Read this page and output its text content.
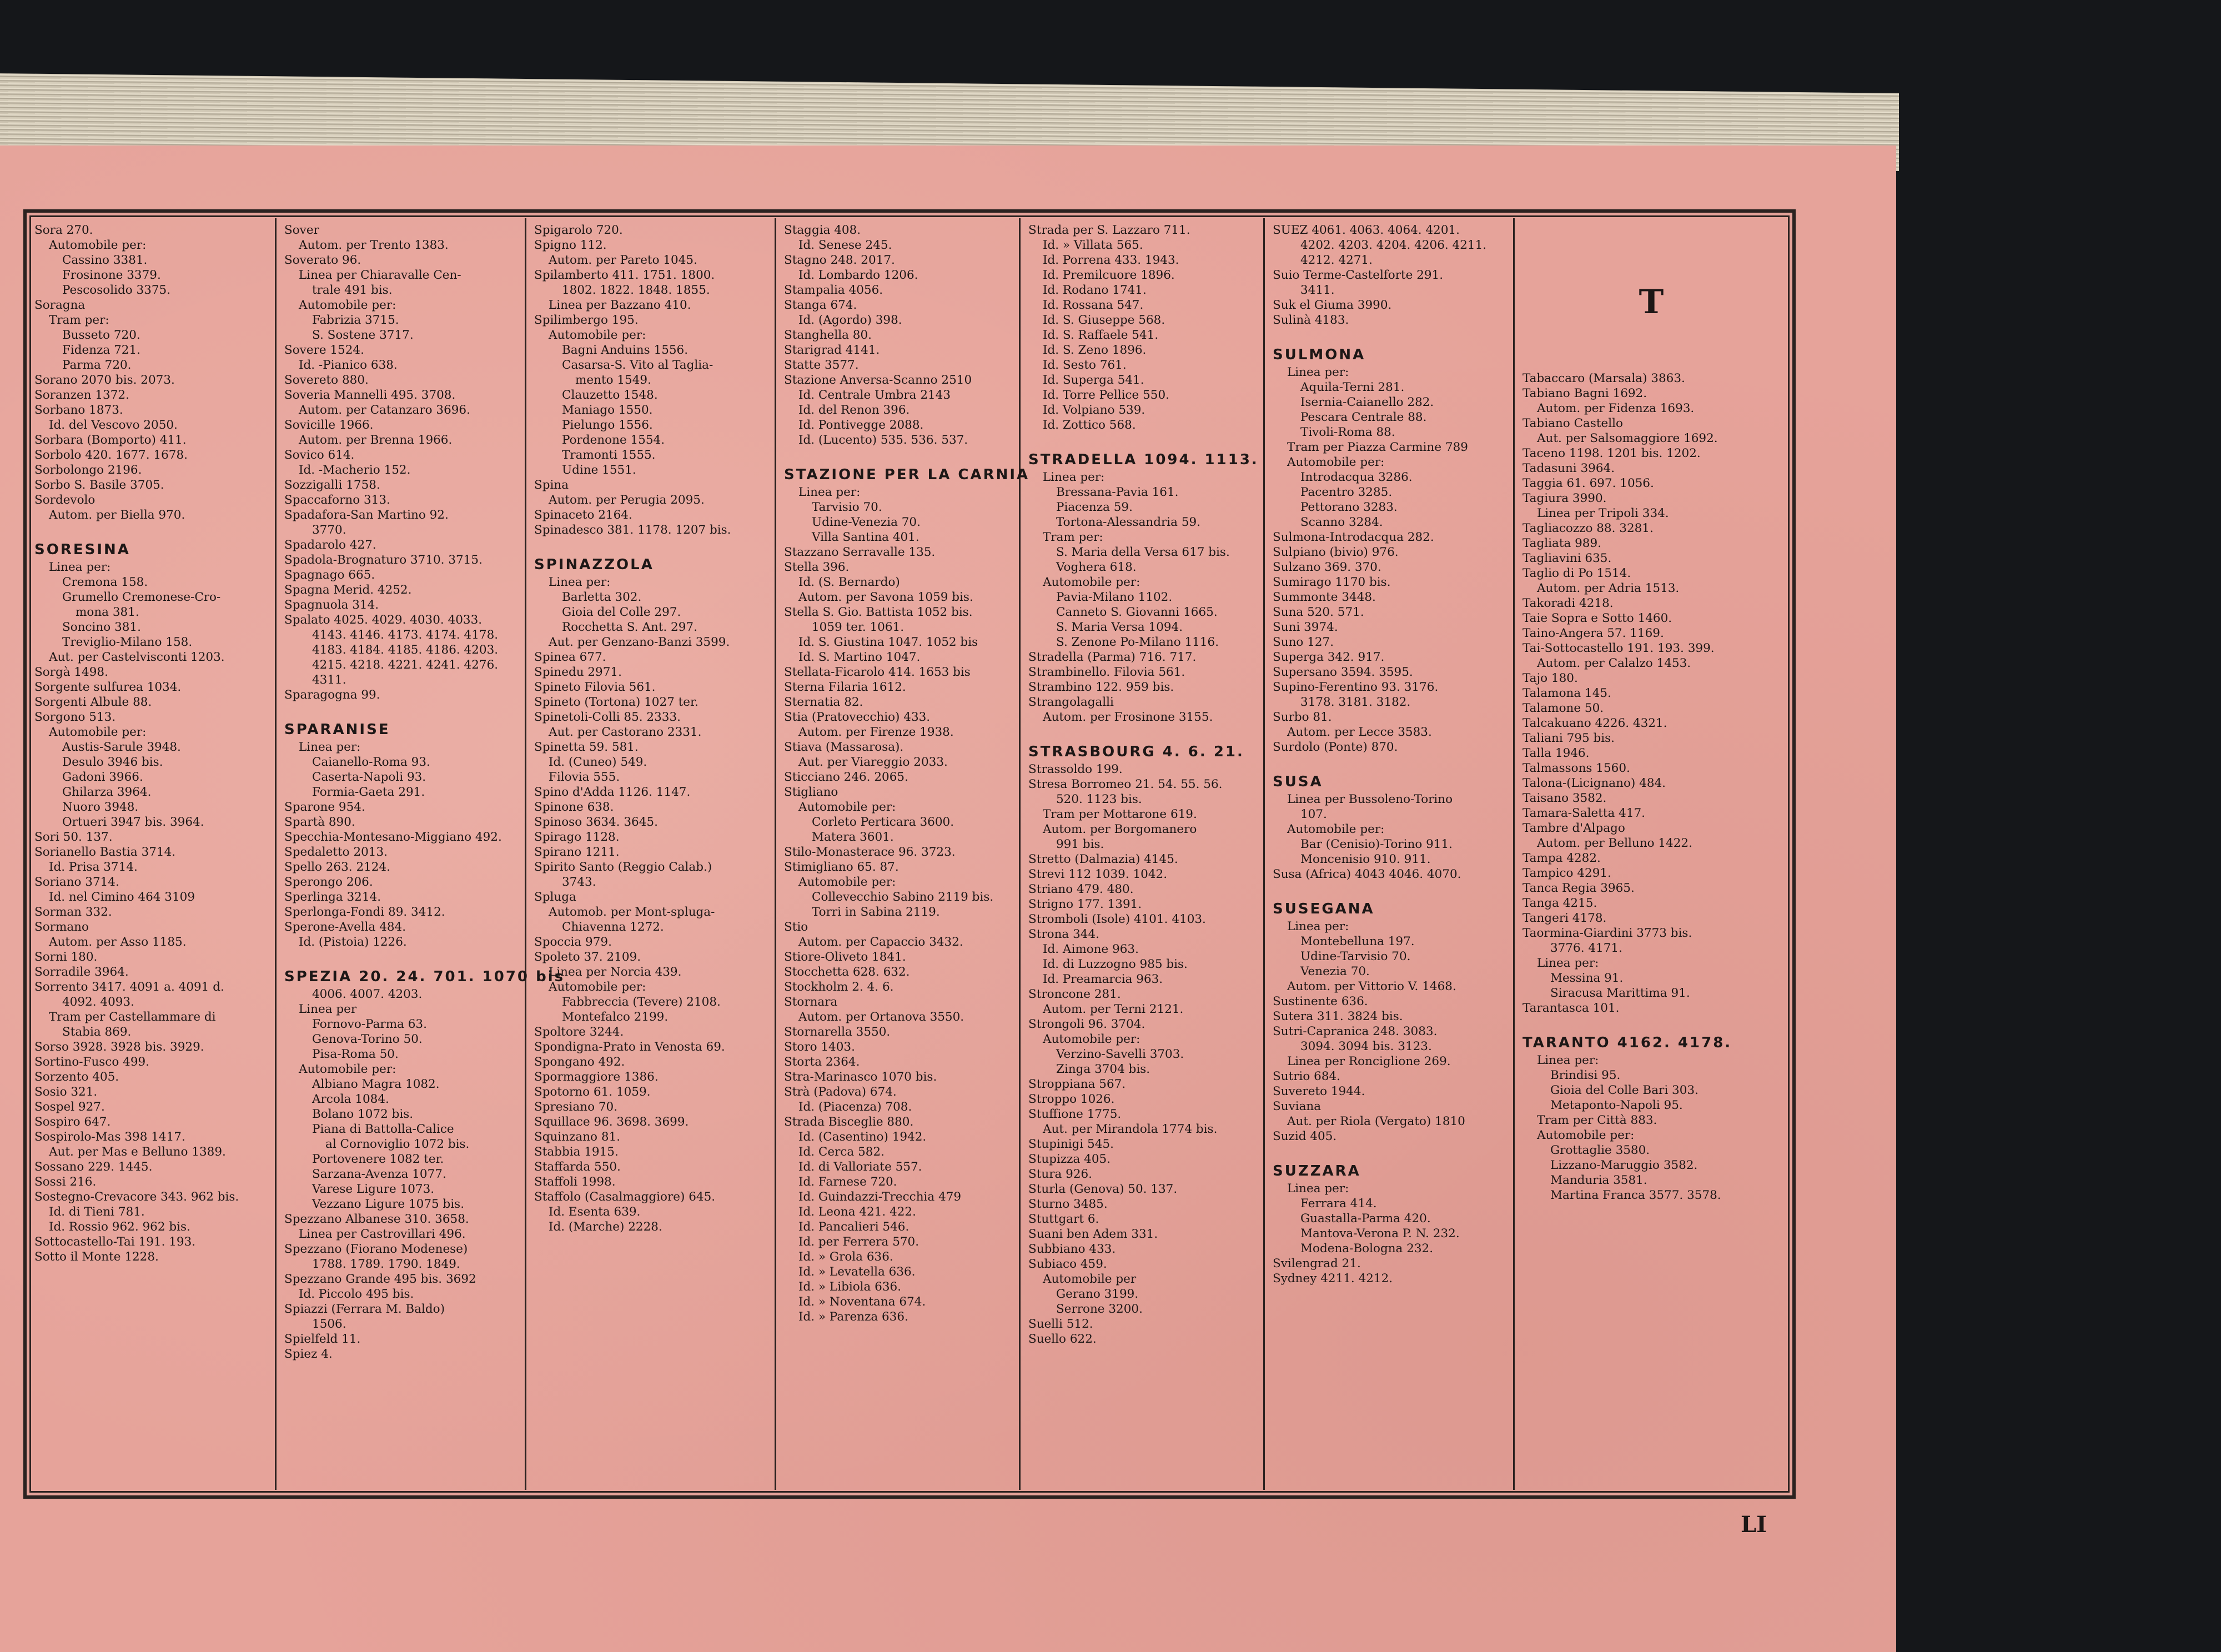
Sora 270.
Automobile per:
Cassino 3381.
Frosinone 3379.
Pescosolido 3375.
Soragna
Tram per:
Busseto 720.
Fidenza 721.
Parma 720.
Sorano 2070 bis. 2073.
Soranzen 1372.
Sorbano 1873.
Id. del Vescovo 2050.
Sorbara (Bomporto) 411.
Sorbolo 420. 1677. 1678.
Sorbolongo 2196.
Sorbo S. Basile 3705.
Sordevolo
Autom. per Biella 970.
SORESINA
Linea per:
Cremona 158.
Grumello Cremonese-Cro-
mona 381.
Soncino 381.
Treviglio-Milano 158.
Aut. per Castelvisconti 1203.
Sorgà 1498.
Sorgente sulfurea 1034.
Sorgenti Albule 88.
Sorgono 513.
Automobile per:
Austis-Sarule 3948.
Desulo 3946 bis.
Gadoni 3966.
Ghilarza 3964.
Nuoro 3948.
Ortueri 3947 bis. 3964.
Sori 50. 137.
Sorianello Bastia 3714.
Id. Prisa 3714.
Soriano 3714.
Id. nel Cimino 464 3109
Sorman 332.
Sormano
Autom. per Asso 1185.
Sorni 180.
Sorradile 3964.
Sorrento 3417. 4091 a. 4091 d.
4092. 4093.
Tram per Castellammare di
Stabia 869.
Sorso 3928. 3928 bis. 3929.
Sortino-Fusco 499.
Sorzento 405.
Sosio 321.
Sospel 927.
Sospiro 647.
Sospirolo-Mas 398 1417.
Aut. per Mas e Belluno 1389.
Sossano 229. 1445.
Sossi 216.
Sostegno-Crevacore 343. 962 bis.
Id. di Tieni 781.
Id. Rossio 962. 962 bis.
Sottocastello-Tai 191. 193.
Sotto il Monte 1228.
Sover
Autom. per Trento 1383.
Soverato 96.
Linea per Chiaravalle Cen-
trale 491 bis.
Automobile per:
Fabrizia 3715.
S. Sostene 3717.
Sovere 1524.
Id. -Pianico 638.
Sovereto 880.
Soveria Mannelli 495. 3708.
Autom. per Catanzaro 3696.
Sovicille 1966.
Autom. per Brenna 1966.
Sovico 614.
Id. -Macherio 152.
Sozzigalli 1758.
Spaccaforno 313.
Spadafora-San Martino 92.
3770.
Spadarolo 427.
Spadola-Brognaturo 3710. 3715.
Spagnago 665.
Spagna Merid. 4252.
Spagnuola 314.
Spalato 4025. 4029. 4030. 4033.
4143. 4146. 4173. 4174. 4178.
4183. 4184. 4185. 4186. 4203.
4215. 4218. 4221. 4241. 4276.
4311.
Sparagogna 99.
SPARANISE
Linea per:
Caianello-Roma 93.
Caserta-Napoli 93.
Formia-Gaeta 291.
Sparone 954.
Spartà 890.
Specchia-Montesano-Miggiano 492.
Spedaletto 2013.
Spello 263. 2124.
Sperongo 206.
Sperlinga 3214.
Sperlonga-Fondi 89. 3412.
Sperone-Avella 484.
Id. (Pistoia) 1226.
SPEZIA 20. 24. 701. 1070 bis
4006. 4007. 4203.
Linea per
Fornovo-Parma 63.
Genova-Torino 50.
Pisa-Roma 50.
Automobile per:
Albiano Magra 1082.
Arcola 1084.
Bolano 1072 bis.
Piana di Battolla-Calice
al Cornoviglio 1072 bis.
Portovenere 1082 ter.
Sarzana-Avenza 1077.
Varese Ligure 1073.
Vezzano Ligure 1075 bis.
Spezzano Albanese 310. 3658.
Linea per Castrovillari 496.
Spezzano (Fiorano Modenese)
1788. 1789. 1790. 1849.
Spezzano Grande 495 bis. 3692
Id. Piccolo 495 bis.
Spiazzi (Ferrara M. Baldo)
1506.
Spielfeld 11.
Spiez 4.
Spigarolo 720.
Spigno 112.
Autom. per Pareto 1045.
Spilamberto 411. 1751. 1800.
1802. 1822. 1848. 1855.
Linea per Bazzano 410.
Spilimbergo 195.
Automobile per:
Bagni Anduins 1556.
Casarsa-S. Vito al Taglia-
mento 1549.
Clauzetto 1548.
Maniago 1550.
Pielungo 1556.
Pordenone 1554.
Tramonti 1555.
Udine 1551.
Spina
Autom. per Perugia 2095.
Spinaceto 2164.
Spinadesco 381. 1178. 1207 bis.
SPINAZZOLA
Linea per:
Barletta 302.
Gioia del Colle 297.
Rocchetta S. Ant. 297.
Aut. per Genzano-Banzi 3599.
Spinea 677.
Spinedu 2971.
Spineto Filovia 561.
Spineto (Tortona) 1027 ter.
Spinetoli-Colli 85. 2333.
Aut. per Castorano 2331.
Spinetta 59. 581.
Id. (Cuneo) 549.
Filovia 555.
Spino d'Adda 1126. 1147.
Spinone 638.
Spinoso 3634. 3645.
Spirago 1128.
Spirano 1211.
Spirito Santo (Reggio Calab.)
3743.
Spluga
Automob. per Mont-spluga-
Chiavenna 1272.
Spoccia 979.
Spoleto 37. 2109.
Linea per Norcia 439.
Automobile per:
Fabbreccia (Tevere) 2108.
Montefalco 2199.
Spoltore 3244.
Spondigna-Prato in Venosta 69.
Spongano 492.
Spormaggiore 1386.
Spotorno 61. 1059.
Spresiano 70.
Squillace 96. 3698. 3699.
Squinzano 81.
Stabbia 1915.
Staffarda 550.
Staffoli 1998.
Staffolo (Casalmaggiore) 645.
Id. Esenta 639.
Id. (Marche) 2228.
Staggia 408.
Id. Senese 245.
Stagno 248. 2017.
Id. Lombardo 1206.
Stampalia 4056.
Stanga 674.
Id. (Agordo) 398.
Stanghella 80.
Starigrad 4141.
Statte 3577.
Stazione Anversa-Scanno 2510
Id. Centrale Umbra 2143
Id. del Renon 396.
Id. Pontivegge 2088.
Id. (Lucento) 535. 536. 537.
STAZIONE PER LA CARNIA
Linea per:
Tarvisio 70.
Udine-Venezia 70.
Villa Santina 401.
Stazzano Serravalle 135.
Stella 396.
Id. (S. Bernardo)
Autom. per Savona 1059 bis.
Stella S. Gio. Battista 1052 bis.
1059 ter. 1061.
Id. S. Giustina 1047. 1052 bis
Id. S. Martino 1047.
Stellata-Ficarolo 414. 1653 bis
Sterna Filaria 1612.
Sternatia 82.
Stia (Pratovecchio) 433.
Autom. per Firenze 1938.
Stiava (Massarosa).
Aut. per Viareggio 2033.
Sticciano 246. 2065.
Stigliano
Automobile per:
Corleto Perticara 3600.
Matera 3601.
Stilo-Monasterace 96. 3723.
Stimigliano 65. 87.
Automobile per:
Collevecchio Sabino 2119 bis.
Torri in Sabina 2119.
Stio
Autom. per Capaccio 3432.
Stiore-Oliveto 1841.
Stocchetta 628. 632.
Stockholm 2. 4. 6.
Stornara
Autom. per Ortanova 3550.
Stornarella 3550.
Storo 1403.
Storta 2364.
Stra-Marinasco 1070 bis.
Strà (Padova) 674.
Id. (Piacenza) 708.
Strada Bisceglie 880.
Id. (Casentino) 1942.
Id. Cerca 582.
Id. di Valloriate 557.
Id. Farnese 720.
Id. Guindazzi-Trecchia 479
Id. Leona 421. 422.
Id. Pancalieri 546.
Id. per Ferrera 570.
Id. » Grola 636.
Id. » Levatella 636.
Id. » Libiola 636.
Id. » Noventana 674.
Id. » Parenza 636.
Strada per S. Lazzaro 711.
Id. » Villata 565.
Id. Porrena 433. 1943.
Id. Premilcuore 1896.
Id. Rodano 1741.
Id. Rossana 547.
Id. S. Giuseppe 568.
Id. S. Raffaele 541.
Id. S. Zeno 1896.
Id. Sesto 761.
Id. Superga 541.
Id. Torre Pellice 550.
Id. Volpiano 539.
Id. Zottico 568.
STRADELLA 1094. 1113.
Linea per:
Bressana-Pavia 161.
Piacenza 59.
Tortona-Alessandria 59.
Tram per:
S. Maria della Versa 617 bis.
Voghera 618.
Automobile per:
Pavia-Milano 1102.
Canneto S. Giovanni 1665.
S. Maria Versa 1094.
S. Zenone Po-Milano 1116.
Stradella (Parma) 716. 717.
Strambinello. Filovia 561.
Strambino 122. 959 bis.
Strangolagalli
Autom. per Frosinone 3155.
STRASBOURG 4. 6. 21.
Strassoldo 199.
Stresa Borromeo 21. 54. 55. 56.
520. 1123 bis.
Tram per Mottarone 619.
Autom. per Borgomanero
991 bis.
Stretto (Dalmazia) 4145.
Strevi 112 1039. 1042.
Striano 479. 480.
Strigno 177. 1391.
Stromboli (Isole) 4101. 4103.
Strona 344.
Id. Aimone 963.
Id. di Luzzogno 985 bis.
Id. Preamarcia 963.
Stroncone 281.
Autom. per Terni 2121.
Strongoli 96. 3704.
Automobile per:
Verzino-Savelli 3703.
Zinga 3704 bis.
Stroppiana 567.
Stroppo 1026.
Stuffione 1775.
Aut. per Mirandola 1774 bis.
Stupinigi 545.
Stupizza 405.
Stura 926.
Sturla (Genova) 50. 137.
Sturno 3485.
Stuttgart 6.
Suani ben Adem 331.
Subbiano 433.
Subiaco 459.
Automobile per
Gerano 3199.
Serrone 3200.
Suelli 512.
Suello 622.
SUEZ 4061. 4063. 4064. 4201.
4202. 4203. 4204. 4206. 4211.
4212. 4271.
Suio Terme-Castelforte 291.
3411.
Suk el Giuma 3990.
Sulinà 4183.
SULMONA
Linea per:
Aquila-Terni 281.
Isernia-Caianello 282.
Pescara Centrale 88.
Tivoli-Roma 88.
Tram per Piazza Carmine 789
Automobile per:
Introdacqua 3286.
Pacentro 3285.
Pettorano 3283.
Scanno 3284.
Sulmona-Introdacqua 282.
Sulpiano (bivio) 976.
Sulzano 369. 370.
Sumirago 1170 bis.
Summonte 3448.
Suna 520. 571.
Suni 3974.
Suno 127.
Superga 342. 917.
Supersano 3594. 3595.
Supino-Ferentino 93. 3176.
3178. 3181. 3182.
Surbo 81.
Autom. per Lecce 3583.
Surdolo (Ponte) 870.
SUSA
Linea per Bussoleno-Torino
107.
Automobile per:
Bar (Cenisio)-Torino 911.
Moncenisio 910. 911.
Susa (Africa) 4043 4046. 4070.
SUSEGANA
Linea per:
Montebelluna 197.
Udine-Tarvisio 70.
Venezia 70.
Autom. per Vittorio V. 1468.
Sustinente 636.
Sutera 311. 3824 bis.
Sutri-Capranica 248. 3083.
3094. 3094 bis. 3123.
Linea per Ronciglione 269.
Sutrio 684.
Suvereto 1944.
Suviana
Aut. per Riola (Vergato) 1810
Suzid 405.
SUZZARA
Linea per:
Ferrara 414.
Guastalla-Parma 420.
Mantova-Verona P. N. 232.
Modena-Bologna 232.
Svilengrad 21.
Sydney 4211. 4212.
T
Tabaccaro (Marsala) 3863.
Tabiano Bagni 1692.
Autom. per Fidenza 1693.
Tabiano Castello
Aut. per Salsomaggiore 1692.
Taceno 1198. 1201 bis. 1202.
Tadasuni 3964.
Taggia 61. 697. 1056.
Tagiura 3990.
Linea per Tripoli 334.
Tagliacozzo 88. 3281.
Tagliata 989.
Tagliavini 635.
Taglio di Po 1514.
Autom. per Adria 1513.
Takoradi 4218.
Taie Sopra e Sotto 1460.
Taino-Angera 57. 1169.
Tai-Sottocastello 191. 193. 399.
Autom. per Calalzo 1453.
Tajo 180.
Talamona 145.
Talamone 50.
Talcakuano 4226. 4321.
Taliani 795 bis.
Talla 1946.
Talmassons 1560.
Talona-(Licignano) 484.
Taisano 3582.
Tamara-Saletta 417.
Tambre d'Alpago
Autom. per Belluno 1422.
Tampa 4282.
Tampico 4291.
Tanca Regia 3965.
Tanga 4215.
Tangeri 4178.
Taormina-Giardini 3773 bis.
3776. 4171.
Linea per:
Messina 91.
Siracusa Marittima 91.
Tarantasca 101.
TARANTO 4162. 4178.
Linea per:
Brindisi 95.
Gioia del Colle Bari 303.
Metaponto-Napoli 95.
Tram per Città 883.
Automobile per:
Grottaglie 3580.
Lizzano-Maruggio 3582.
Manduria 3581.
Martina Franca 3577. 3578.
LI
